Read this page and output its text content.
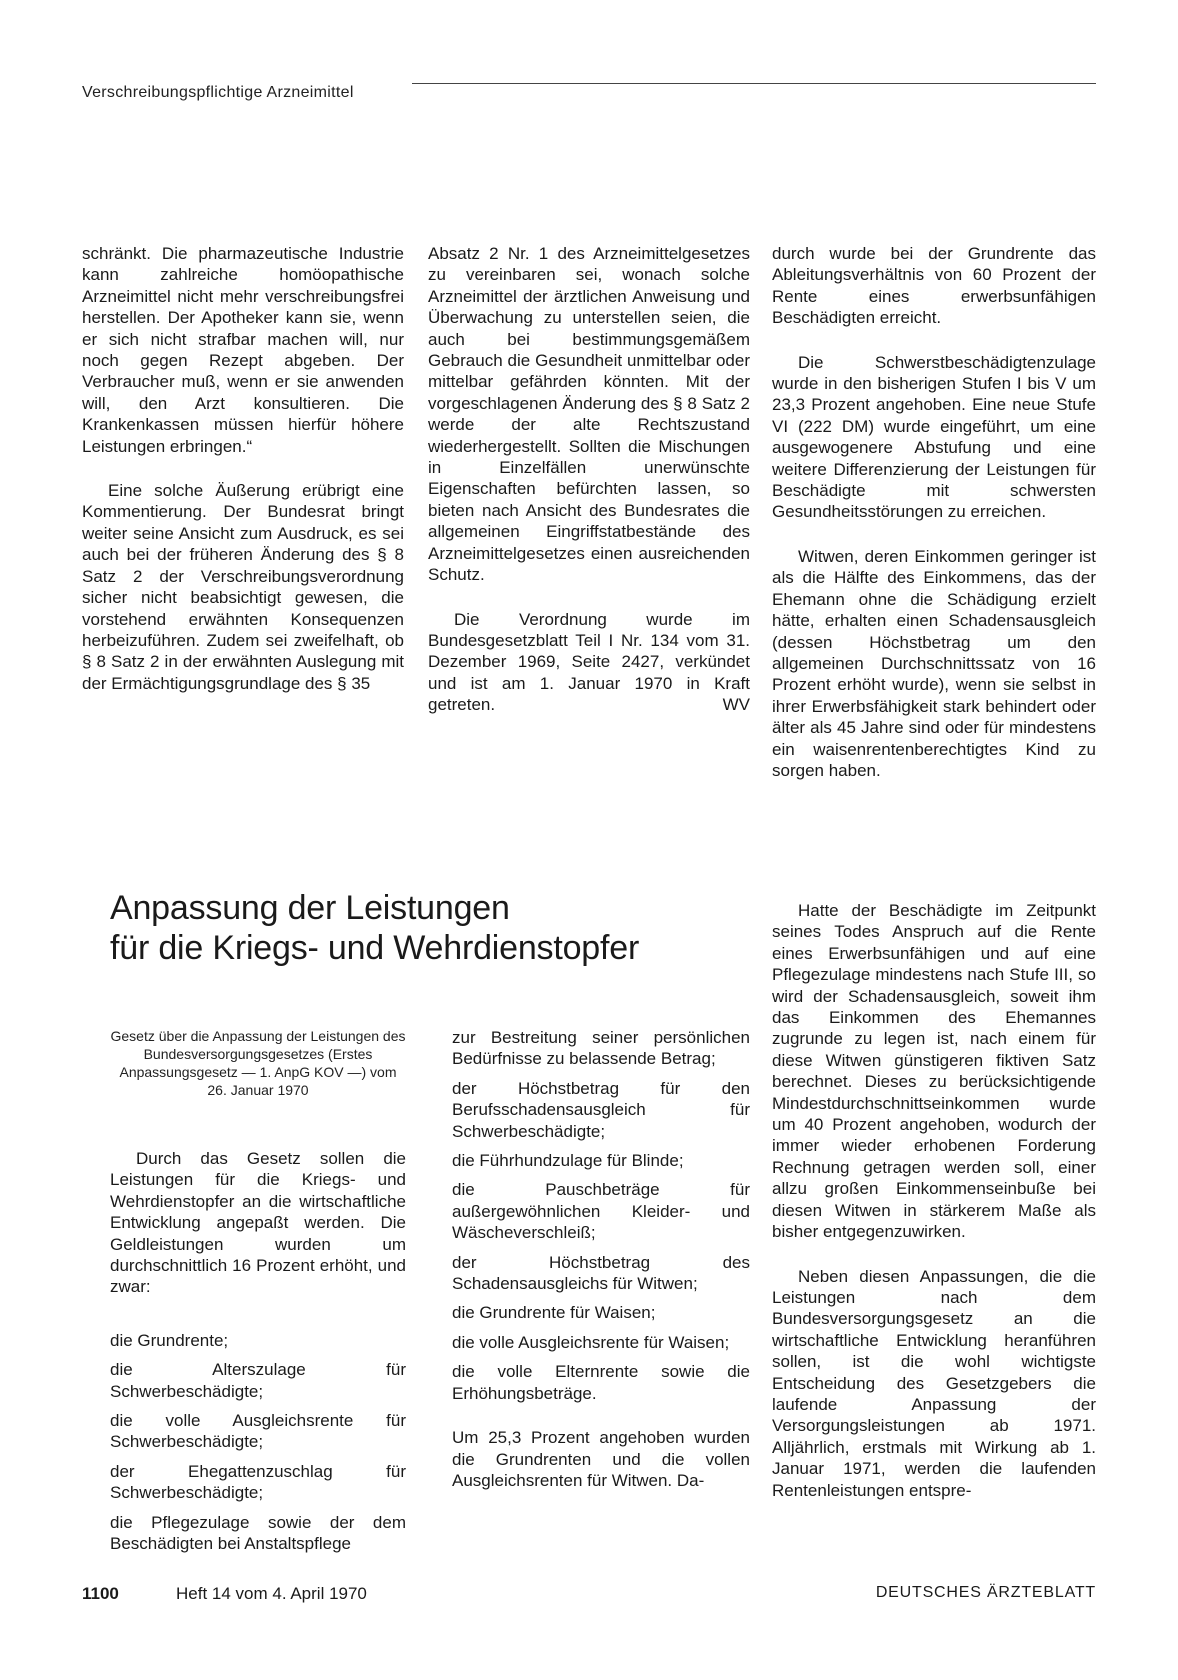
Verschreibungspflichtige Arzneimittel

schränkt. Die pharmazeutische Industrie kann zahlreiche homöopathische Arzneimittel nicht mehr verschreibungsfrei herstellen. Der Apotheker kann sie, wenn er sich nicht strafbar machen will, nur noch gegen Rezept abgeben. Der Verbraucher muß, wenn er sie anwenden will, den Arzt konsultieren. Die Krankenkassen müssen hierfür höhere Leistungen erbringen.“

Eine solche Äußerung erübrigt eine Kommentierung. Der Bundesrat bringt weiter seine Ansicht zum Ausdruck, es sei auch bei der früheren Änderung des § 8 Satz 2 der Verschreibungsverordnung sicher nicht beabsichtigt gewesen, die vorstehend erwähnten Konsequenzen herbeizuführen. Zudem sei zweifelhaft, ob § 8 Satz 2 in der erwähnten Auslegung mit der Ermächtigungsgrundlage des § 35

Absatz 2 Nr. 1 des Arzneimittelgesetzes zu vereinbaren sei, wonach solche Arzneimittel der ärztlichen Anweisung und Überwachung zu unterstellen seien, die auch bei bestimmungsgemäßem Gebrauch die Gesundheit unmittelbar oder mittelbar gefährden könnten. Mit der vorgeschlagenen Änderung des § 8 Satz 2 werde der alte Rechtszustand wiederhergestellt. Sollten die Mischungen in Einzelfällen unerwünschte Eigenschaften befürchten lassen, so bieten nach Ansicht des Bundesrates die allgemeinen Eingriffstatbestände des Arzneimittelgesetzes einen ausreichenden Schutz.

Die Verordnung wurde im Bundesgesetzblatt Teil I Nr. 134 vom 31. Dezember 1969, Seite 2427, verkündet und ist am 1. Januar 1970 in Kraft getreten.	WV

durch wurde bei der Grundrente das Ableitungsverhältnis von 60 Prozent der Rente eines erwerbsunfähigen Beschädigten erreicht.

Die Schwerstbeschädigtenzulage wurde in den bisherigen Stufen I bis V um 23,3 Prozent angehoben. Eine neue Stufe VI (222 DM) wurde eingeführt, um eine ausgewogenere Abstufung und eine weitere Differenzierung der Leistungen für Beschädigte mit schwersten Gesundheitsstörungen zu erreichen.

Witwen, deren Einkommen geringer ist als die Hälfte des Einkommens, das der Ehemann ohne die Schädigung erzielt hätte, erhalten einen Schadensausgleich (dessen Höchstbetrag um den allgemeinen Durchschnittssatz von 16 Prozent erhöht wurde), wenn sie selbst in ihrer Erwerbsfähigkeit stark behindert oder älter als 45 Jahre sind oder für mindestens ein waisenrentenberechtigtes Kind zu sorgen haben.

Anpassung der Leistungen
für die Kriegs- und Wehrdienstopfer

Gesetz über die Anpassung der Leistungen des Bundesversorgungsgesetzes (Erstes Anpassungsgesetz — 1. AnpG KOV —) vom 26. Januar 1970

Durch das Gesetz sollen die Leistungen für die Kriegs- und Wehrdienstopfer an die wirtschaftliche Entwicklung angepaßt werden. Die Geldleistungen wurden um durchschnittlich 16 Prozent erhöht, und zwar:

die Grundrente;

die Alterszulage für Schwerbeschädigte;

die volle Ausgleichsrente für Schwerbeschädigte;

der Ehegattenzuschlag für Schwerbeschädigte;

die Pflegezulage sowie der dem Beschädigten bei Anstaltspflege

zur Bestreitung seiner persönlichen Bedürfnisse zu belassende Betrag;

der Höchstbetrag für den Berufsschadensausgleich für Schwerbeschädigte;

die Führhundzulage für Blinde;

die Pauschbeträge für außergewöhnlichen Kleider- und Wäscheverschleiß;

der Höchstbetrag des Schadensausgleichs für Witwen;

die Grundrente für Waisen;

die volle Ausgleichsrente für Waisen;

die volle Elternrente sowie die Erhöhungsbeträge.

Um 25,3 Prozent angehoben wurden die Grundrenten und die vollen Ausgleichsrenten für Witwen. Da-

Hatte der Beschädigte im Zeitpunkt seines Todes Anspruch auf die Rente eines Erwerbsunfähigen und auf eine Pflegezulage mindestens nach Stufe III, so wird der Schadensausgleich, soweit ihm das Einkommen des Ehemannes zugrunde zu legen ist, nach einem für diese Witwen günstigeren fiktiven Satz berechnet. Dieses zu berücksichtigende Mindestdurchschnittseinkommen wurde um 40 Prozent angehoben, wodurch der immer wieder erhobenen Forderung Rechnung getragen werden soll, einer allzu großen Einkommenseinbuße bei diesen Witwen in stärkerem Maße als bisher entgegenzuwirken.

Neben diesen Anpassungen, die die Leistungen nach dem Bundesversorgungsgesetz an die wirtschaftliche Entwicklung heranführen sollen, ist die wohl wichtigste Entscheidung des Gesetzgebers die laufende Anpassung der Versorgungsleistungen ab 1971. Alljährlich, erstmals mit Wirkung ab 1. Januar 1971, werden die laufenden Rentenleistungen entspre-

1100	Heft 14 vom 4. April 1970	DEUTSCHES ÄRZTEBLATT
